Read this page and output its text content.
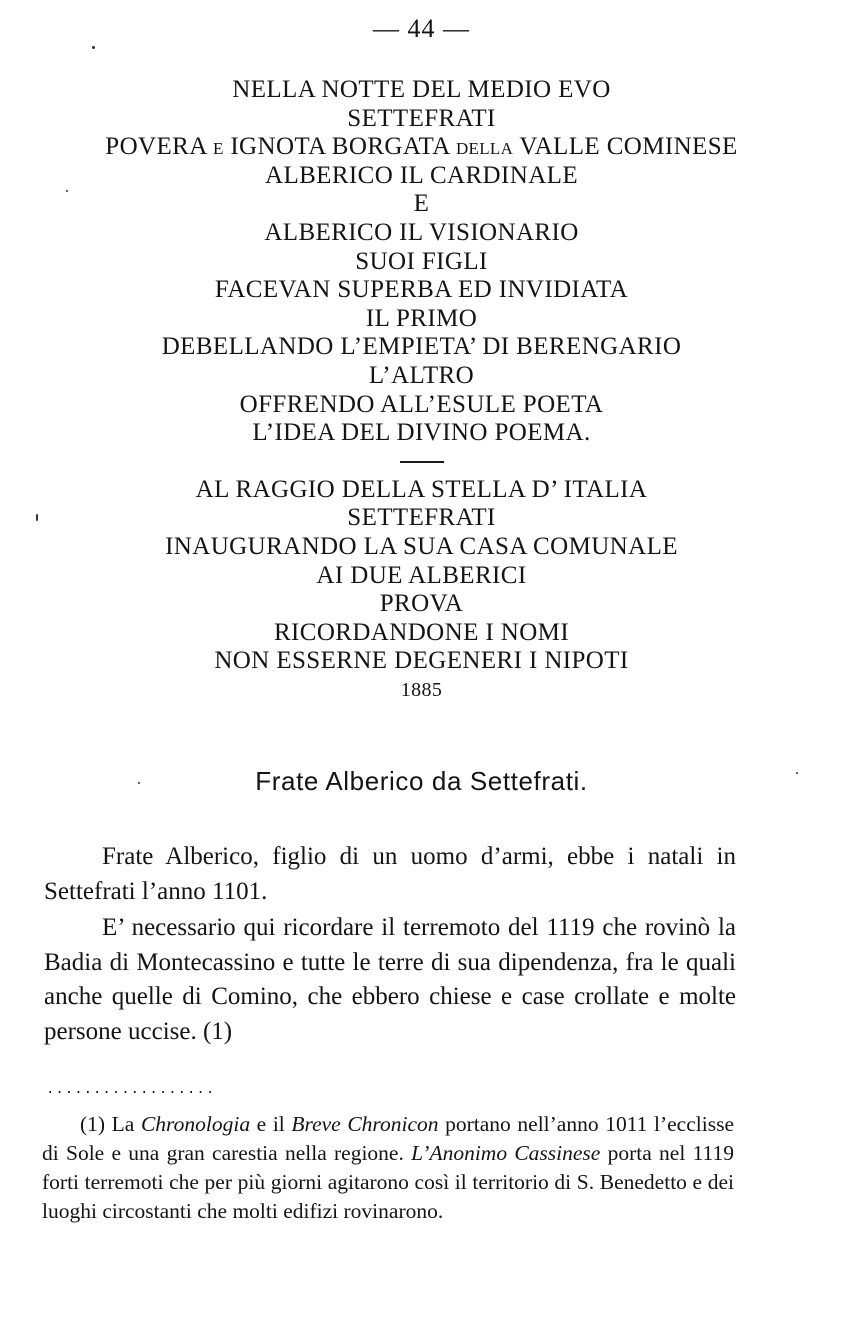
— 44 —
NELLA NOTTE DEL MEDIO EVO
SETTEFRATI
POVERA E IGNOTA BORGATA DELLA VALLE COMINESE
ALBERICO IL CARDINALE
E
ALBERICO IL VISIONARIO
SUOI FIGLI
FACEVAN SUPERBA ED INVIDIATA
IL PRIMO
DEBELLANDO L’EMPIETA’ DI BERENGARIO
L’ALTRO
OFFRENDO ALL’ESULE POETA
L’IDEA DEL DIVINO POEMA.
AL RAGGIO DELLA STELLA D’ ITALIA
SETTEFRATI
INAUGURANDO LA SUA CASA COMUNALE
AI DUE ALBERICI
PROVA
RICORDANDONE I NOMI
NON ESSERNE DEGENERI I NIPOTI
1885
Frate Alberico da Settefrati.

Frate Alberico, figlio di un uomo d’armi, ebbe i natali in Settefrati l’anno 1101.

E’ necessario qui ricordare il terremoto del 1119 che rovinò la Badia di Montecassino e tutte le terre di sua dipendenza, fra le quali anche quelle di Comino, che ebbero chiese e case crollate e molte persone uccise. (1)

..................

(1) La Chronologia e il Breve Chronicon portano nell’anno 1011 l’ecclisse di Sole e una gran carestia nella regione. L’Anonimo Cassinese porta nel 1119 forti terremoti che per più giorni agitarono così il territorio di S. Benedetto e dei luoghi circostanti che molti edifizi rovinarono.
